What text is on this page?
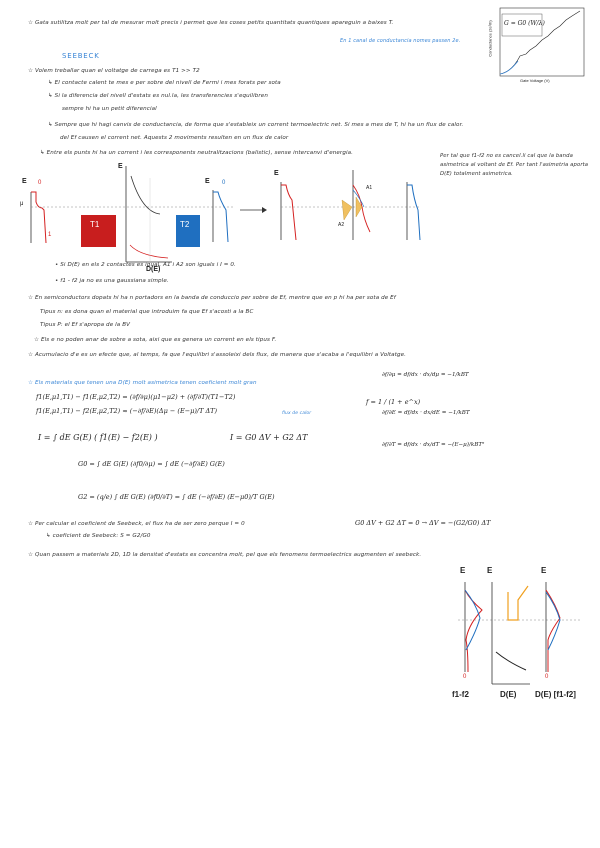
☆ Gata sutilitza molt per tal de mesurar molt precis i permet que les coses petits quantitats quantiques apareguin a baixes T.
En 1 canal de conductancia nomes passen 2e.
SEEBECK
☆ Volem treballar quan el voltatge de carrega es T1 >> T2
↳ El contacte calent te mes e per sobre del nivell de Fermi i mes forats per sota
↳ Si la diferencia del nivell d'estats es nul.la, les transferencies s'equilibren
sempre hi ha un petit diferencial
↳ Sempre que hi hagi canvis de conductancia, de forma que s'estableix un corrent termoelectric net. Si mes a mes de T, hi ha un flux de calor.
del Ef causen el corrent net. Aquests 2 moviments resulten en un flux de calor
↳ Entre els punts hi ha un corrent i les corresponents neutralitzacions (balistic), sense intercanvi d'energia.	Per tal que f1-f2 no es cancel.li cal que la banda asimetrica al voltant de Ef. Per tant l'asimetria aporta D(E) totalment asimetrica.
• Si D(E) en els 2 contactes es igual, A1 i A2 son iguals i I = 0.
• f1 - f2 ja no es una gaussiana simple.
☆ En semiconductors dopats hi ha n portadors en la banda de conduccio per sobre de Ef, mentre que en p hi ha per sota de Ef
Tipus n: es dona quan el material que introduim fa que Ef s'acosti a la BC
Tipus P: el Ef s'apropa de la BV
☆ Els e no poden anar de sobre a sota, aixi que es genera un corrent en els tipus F.
☆ Acumulacio d'e es un efecte que, al temps, fa que l'equilibri s'assoleixi dels flux, de manera que s'acaba a l'equilibri a Voltatge.
☆ Els materials que tenen una D(E) molt asimetrica tenen coeficient molt gran
f1(E,μ1,T1) − f1(E,μ2,T2) = (∂f/∂μ)(μ1−μ2) + (∂f/∂T)(T1−T2)
f1(E,μ1,T1) − f2(E,μ2,T2) ≈ (−∂f/∂E)(Δμ − (E−μ)/T ΔT)	flux de calor
I = ∫ dE G(E) ( f1(E) − f2(E) )	I = G0 ΔV + G2 ΔT
G0 = ∫ dE G(E) (∂f0/∂μ) = ∫ dE (−∂f/∂E) G(E)
G2 = (q/e) ∫ dE G(E) (∂f0/∂T) = ∫ dE (−∂f/∂E) (E−μ0)/T G(E)
f = 1 / (1 + e^x)
∂f/∂μ = df/dx · dx/dμ = −1/kBT
∂f/∂E = df/dx · dx/dE = −1/kBT
∂f/∂T = df/dx · dx/dT = −(E−μ)/kBT²
☆ Per calcular el coeficient de Seebeck, el flux ha de ser zero perque I = 0	G0 ΔV + G2 ΔT = 0 → ΔV = −(G2/G0) ΔT
↳ coeficient de Seebeck: S = G2/G0
☆ Quan passem a materials 2D, 1D la densitat d'estats es concentra molt, pel que els fenomens termoelectrics augmenten el seebeck.
G = G0 (W/λ)
Gate Voltage (V)
Conductance (2e²/h)
E 0
1
μ
T1	T2
E
D(E)
E 0
E
A1
A2
E	E	E
0	0
f1-f2	D(E) D(E) [f1-f2]
